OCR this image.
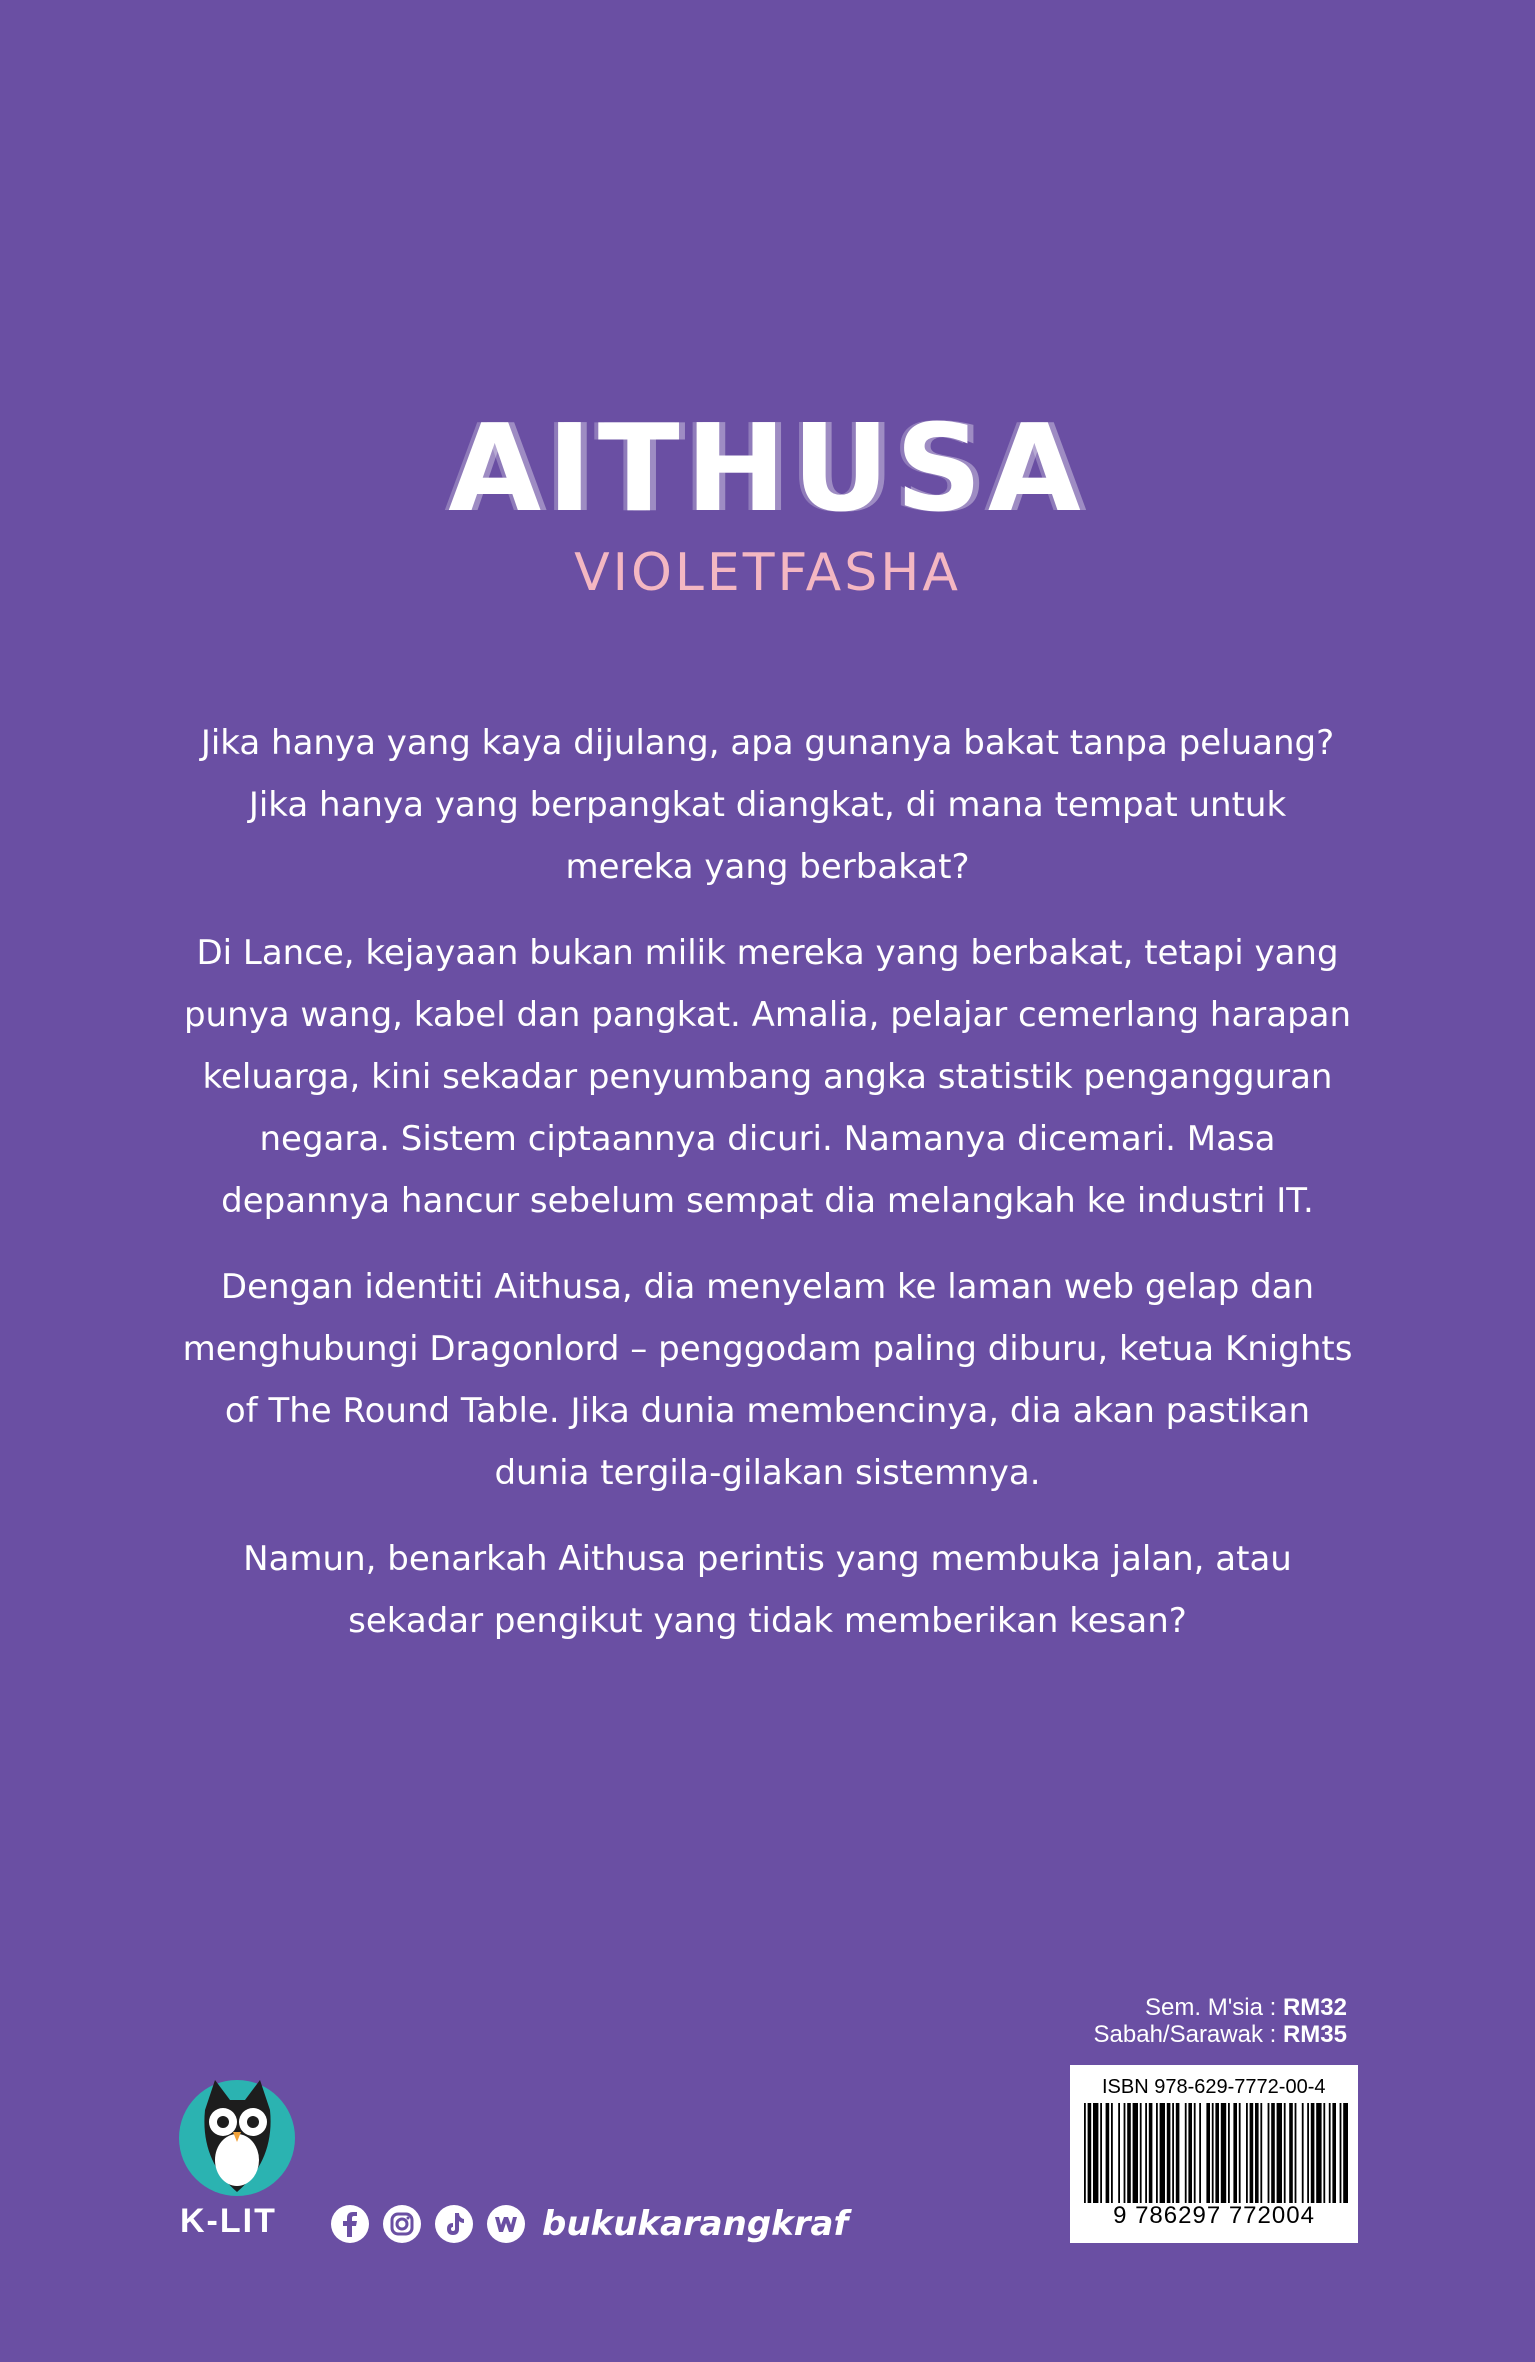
AITHUSA
VIOLETFASHA

Jika hanya yang kaya dijulang, apa gunanya bakat tanpa peluang? Jika hanya yang berpangkat diangkat, di mana tempat untuk mereka yang berbakat?

Di Lance, kejayaan bukan milik mereka yang berbakat, tetapi yang punya wang, kabel dan pangkat. Amalia, pelajar cemerlang harapan keluarga, kini sekadar penyumbang angka statistik pengangguran negara. Sistem ciptaannya dicuri. Namanya dicemari. Masa depannya hancur sebelum sempat dia melangkah ke industri IT.

Dengan identiti Aithusa, dia menyelam ke laman web gelap dan menghubungi Dragonlord – penggodam paling diburu, ketua Knights of The Round Table. Jika dunia membencinya, dia akan pastikan dunia tergila-gilakan sistemnya.

Namun, benarkah Aithusa perintis yang membuka jalan, atau sekadar pengikut yang tidak memberikan kesan?

Sem. M'sia : RM32
Sabah/Sarawak : RM35
ISBN 978-629-7772-00-4
9 786297 772004
K-LIT	bukukarangkraf
